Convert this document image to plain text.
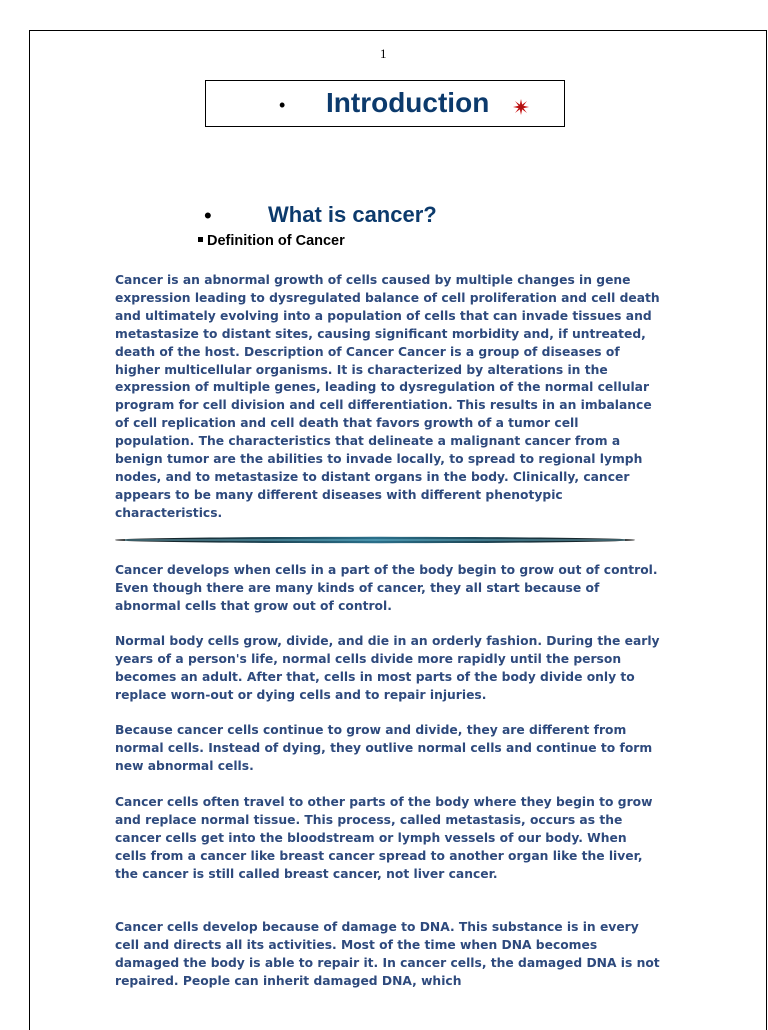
1
• Introduction
•	What is cancer?
Definition of Cancer

Cancer is an abnormal growth of cells caused by multiple changes in gene expression leading to dysregulated balance of cell proliferation and cell death and ultimately evolving into a population of cells that can invade tissues and metastasize to distant sites, causing significant morbidity and, if untreated, death of the host. Description of Cancer Cancer is a group of diseases of higher multicellular organisms. It is characterized by alterations in the expression of multiple genes, leading to dysregulation of the normal cellular program for cell division and cell differentiation. This results in an imbalance of cell replication and cell death that favors growth of a tumor cell population. The characteristics that delineate a malignant cancer from a benign tumor are the abilities to invade locally, to spread to regional lymph nodes, and to metastasize to distant organs in the body. Clinically, cancer appears to be many different diseases with different phenotypic characteristics.

Cancer develops when cells in a part of the body begin to grow out of control. Even though there are many kinds of cancer, they all start because of abnormal cells that grow out of control.

Normal body cells grow, divide, and die in an orderly fashion. During the early years of a person's life, normal cells divide more rapidly until the person becomes an adult. After that, cells in most parts of the body divide only to replace worn-out or dying cells and to repair injuries.

Because cancer cells continue to grow and divide, they are different from normal cells. Instead of dying, they outlive normal cells and continue to form new abnormal cells.

Cancer cells often travel to other parts of the body where they begin to grow and replace normal tissue. This process, called metastasis, occurs as the cancer cells get into the bloodstream or lymph vessels of our body. When cells from a cancer like breast cancer spread to another organ like the liver, the cancer is still called breast cancer, not liver cancer.

Cancer cells develop because of damage to DNA. This substance is in every cell and directs all its activities. Most of the time when DNA becomes damaged the body is able to repair it. In cancer cells, the damaged DNA is not repaired. People can inherit damaged DNA, which
